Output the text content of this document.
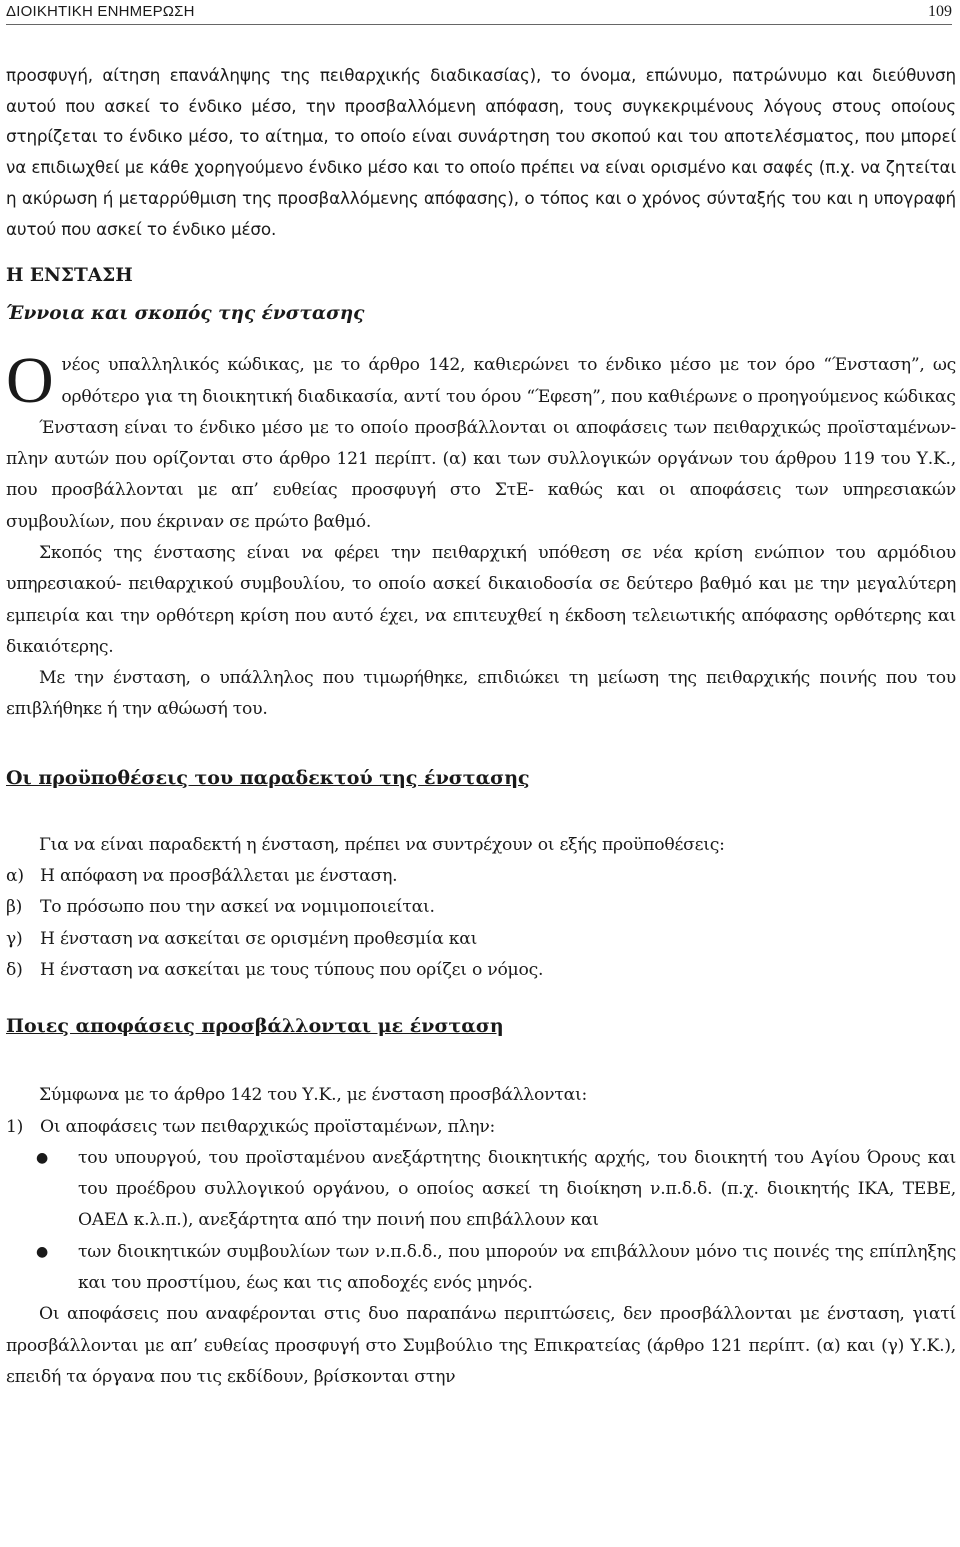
ΔΙΟΙΚΗΤΙΚΗ ΕΝΗΜΕΡΩΣΗ	109
προσφυγή, αίτηση επανάληψης της πειθαρχικής διαδικασίας), το όνομα, επώνυμο, πατρώνυμο και διεύθυνση αυτού που ασκεί το ένδικο μέσο, την προσβαλλόμενη απόφαση, τους συγκεκριμένους λόγους στους οποίους στηρίζεται το ένδικο μέσο, το αίτημα, το οποίο είναι συνάρτηση του σκοπού και του αποτελέσματος, που μπορεί να επιδιωχθεί με κάθε χορηγούμενο ένδικο μέσο και το οποίο πρέπει να είναι ορισμένο και σαφές (π.χ. να ζητείται η ακύρωση ή μεταρρύθμιση της προσβαλλόμενης απόφασης), ο τόπος και ο χρόνος σύνταξής του και η υπογραφή αυτού που ασκεί το ένδικο μέσο.
Η ΕΝΣΤΑΣΗ
Έννοια και σκοπός της ένστασης
Ονέος υπαλληλικός κώδικας, με το άρθρο 142, καθιερώνει το ένδικο μέσο με τον όρο “Ένσταση”, ως ορθότερο για τη διοικητική διαδικασία, αντί του όρου “Έφεση”, που καθιέρωνε ο προηγούμενος κώδικας
Ένσταση είναι το ένδικο μέσο με το οποίο προσβάλλονται οι αποφάσεις των πειθαρχικώς προϊσταμένων- πλην αυτών που ορίζονται στο άρθρο 121 περίπτ. (α) και των συλλογικών οργάνων του άρθρου 119 του Υ.Κ., που προσβάλλονται με απ’ ευθείας προσφυγή στο ΣτΕ- καθώς και οι αποφάσεις των υπηρεσιακών συμβουλίων, που έκριναν σε πρώτο βαθμό.
Σκοπός της ένστασης είναι να φέρει την πειθαρχική υπόθεση σε νέα κρίση ενώπιον του αρμόδιου υπηρεσιακού- πειθαρχικού συμβουλίου, το οποίο ασκεί δικαιοδοσία σε δεύτερο βαθμό και με την μεγαλύτερη εμπειρία και την ορθότερη κρίση που αυτό έχει, να επιτευχθεί η έκδοση τελειωτικής απόφασης ορθότερης και δικαιότερης.
Με την ένσταση, ο υπάλληλος που τιμωρήθηκε, επιδιώκει τη μείωση της πειθαρχικής ποινής που του επιβλήθηκε ή την αθώωσή του.
Οι προϋποθέσεις του παραδεκτού της ένστασης
Για να είναι παραδεκτή η ένσταση, πρέπει να συντρέχουν οι εξής προϋποθέσεις:
α) Η απόφαση να προσβάλλεται με ένσταση.
β)	Το πρόσωπο που την ασκεί να νομιμοποιείται.
γ)	Η ένσταση να ασκείται σε ορισμένη προθεσμία και
δ)	Η ένσταση να ασκείται με τους τύπους που ορίζει ο νόμος.
Ποιες αποφάσεις προσβάλλονται με ένσταση
Σύμφωνα με το άρθρο 142 του Υ.Κ., με ένσταση προσβάλλονται:
1) Οι αποφάσεις των πειθαρχικώς προϊσταμένων, πλην:
●	του υπουργού, του προϊσταμένου ανεξάρτητης διοικητικής αρχής, του διοικητή του Αγίου Όρους και του προέδρου συλλογικού οργάνου, ο οποίος ασκεί τη διοίκηση ν.π.δ.δ. (π.χ. διοικητής ΙΚΑ, ΤΕΒΕ, ΟΑΕΔ κ.λ.π.), ανεξάρτητα από την ποινή που επιβάλλουν και
●	των διοικητικών συμβουλίων των ν.π.δ.δ., που μπορούν να επιβάλλουν μόνο τις ποινές της επίπληξης και του προστίμου, έως και τις αποδοχές ενός μηνός.
Οι αποφάσεις που αναφέρονται στις δυο παραπάνω περιπτώσεις, δεν προσβάλλονται με ένσταση, γιατί προσβάλλονται με απ’ ευθείας προσφυγή στο Συμβούλιο της Επικρατείας (άρθρο 121 περίπτ. (α) και (γ) Υ.Κ.), επειδή τα όργανα που τις εκδίδουν, βρίσκονται στην
